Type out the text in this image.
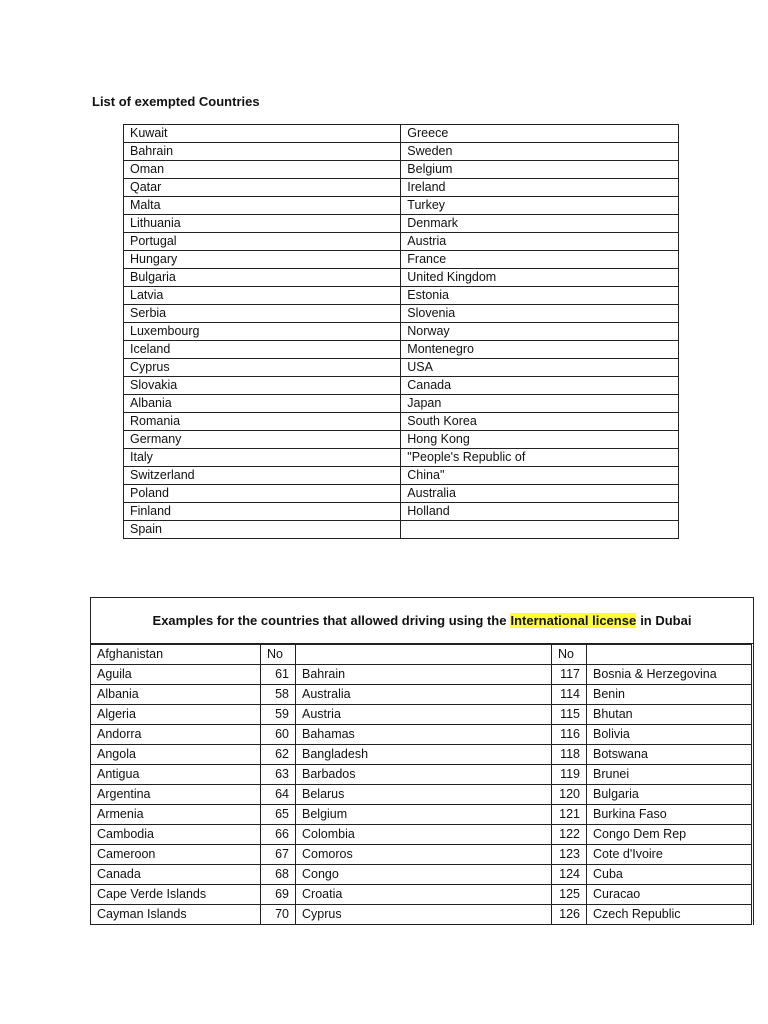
List of exempted Countries
Kuwait	Greece
Bahrain	Sweden
Oman	Belgium
Qatar	Ireland
Malta	Turkey
Lithuania	Denmark
Portugal	Austria
Hungary	France
Bulgaria	United Kingdom
Latvia	Estonia
Serbia	Slovenia
Luxembourg	Norway
Iceland	Montenegro
Cyprus	USA
Slovakia	Canada
Albania	Japan
Romania	South Korea
Germany	Hong Kong
Italy	"People's Republic of
Switzerland	China"
Poland	Australia
Finland	Holland
Spain	
Examples for the countries that allowed driving using the International license in Dubai
Afghanistan	No		No	
Aguila	61	Bahrain	117	Bosnia & Herzegovina
Albania	58	Australia	114	Benin
Algeria	59	Austria	115	Bhutan
Andorra	60	Bahamas	116	Bolivia
Angola	62	Bangladesh	118	Botswana
Antigua	63	Barbados	119	Brunei
Argentina	64	Belarus	120	Bulgaria
Armenia	65	Belgium	121	Burkina Faso
Cambodia	66	Colombia	122	Congo Dem Rep
Cameroon	67	Comoros	123	Cote d'Ivoire
Canada	68	Congo	124	Cuba
Cape Verde Islands	69	Croatia	125	Curacao
Cayman Islands	70	Cyprus	126	Czech Republic
